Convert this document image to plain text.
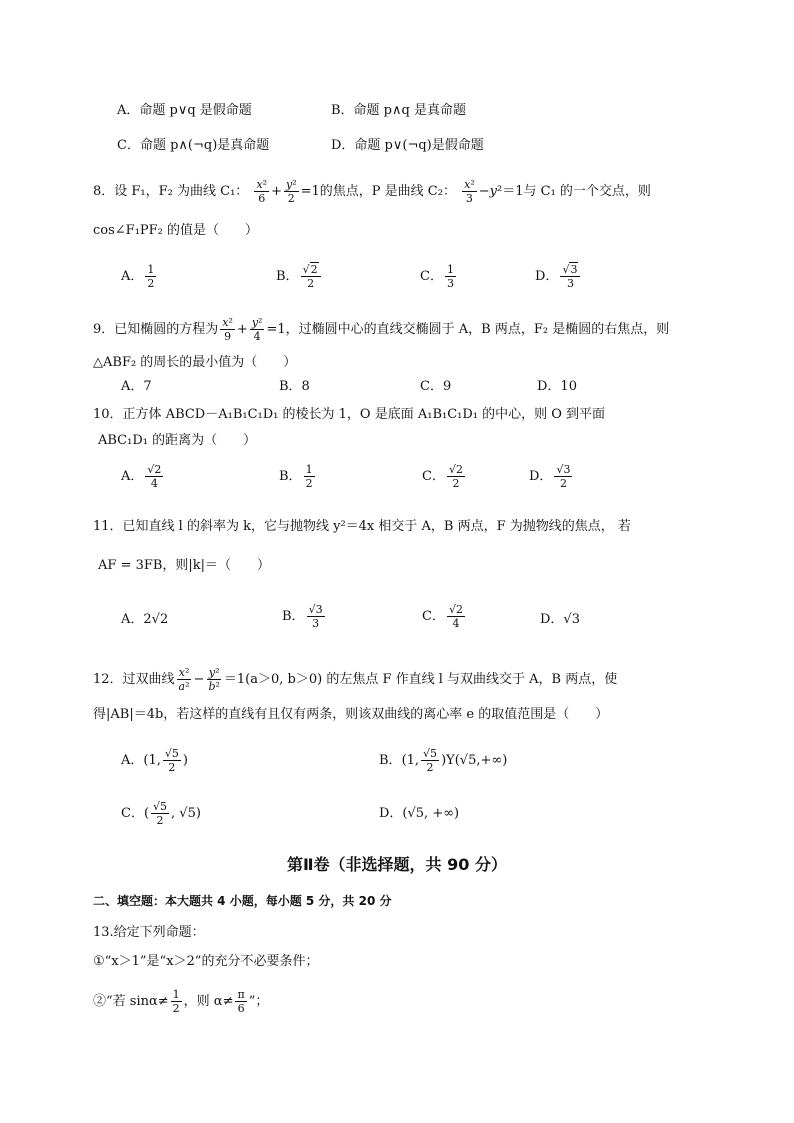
A．命题 p∨q 是假命题	B．命题 p∧q 是真命题
C．命题 p∧(¬q)是真命题	D．命题 p∨(¬q)是假命题
8．设 F₁，F₂ 为曲线 C₁： $\frac{\text{x²}}{6} + \frac{\text{y²}}{2} =1$的焦点，P 是曲线 C₂： $\frac{\text{x²}}{3} -y^2=1$与 C₁ 的一个交点，则
cos∠F₁PF₂ 的值是（　　）
A． $\frac{1}{2}$	B． $\frac{√2}{2}$	C． $\frac{1}{3}$	D． $\frac{√3}{3}$
9．已知椭圆的方程为 $\frac{\text{x²}}{9} + \frac{\text{y²}}{4} =1$，过椭圆中心的直线交椭圆于 A，B 两点，F₂ 是椭圆的右焦点，则
△ABF₂ 的周长的最小值为（　　）
A．7	B．8	C．9	D．10
10．正方体 ABCD－A₁B₁C₁D₁ 的棱长为 1，O 是底面 A₁B₁C₁D₁ 的中心，则 O 到平面
ABC₁D₁ 的距离为（　　）
A． $\frac{√2}{4}$	B． $\frac{1}{2}$	C． $\frac{√2}{2}$	D． $\frac{√3}{2}$
11．已知直线 l 的斜率为 k，它与抛物线 y²＝4x 相交于 A，B 两点，F 为抛物线的焦点， 若
AF = 3FB，则|k|＝（　　）
A．2√2	B． $\frac{√3}{3}$	C． $\frac{√2}{4}$	D．√3
12．过双曲线 $\frac{\text{x²}}{\text{a²}} - \frac{\text{y²}}{\text{b²}} =1(a>0$, b＞0) 的左焦点 F 作直线 l 与双曲线交于 A，B 两点，使
得|AB|＝4b，若这样的直线有且仅有两条，则该双曲线的离心率 e 的取值范围是（　　）
A．(1, $\frac{√5}{2}$ )	B．(1, $\frac{√5}{2} )Y(√5,+\infty)$
C．( $\frac{√5}{2}$ , √5)	D．(√5, +∞)
第Ⅱ卷（非选择题，共 90 分）
二、填空题：本大题共 4 小题，每小题 5 分，共 20 分
13.给定下列命题：
①“x＞1”是“x＞2”的充分不必要条件；
②“若 $\sin\alpha\ne \frac{1}{2}$ ，则 $\alpha\ne \frac{\pi}{6}$ ”；
